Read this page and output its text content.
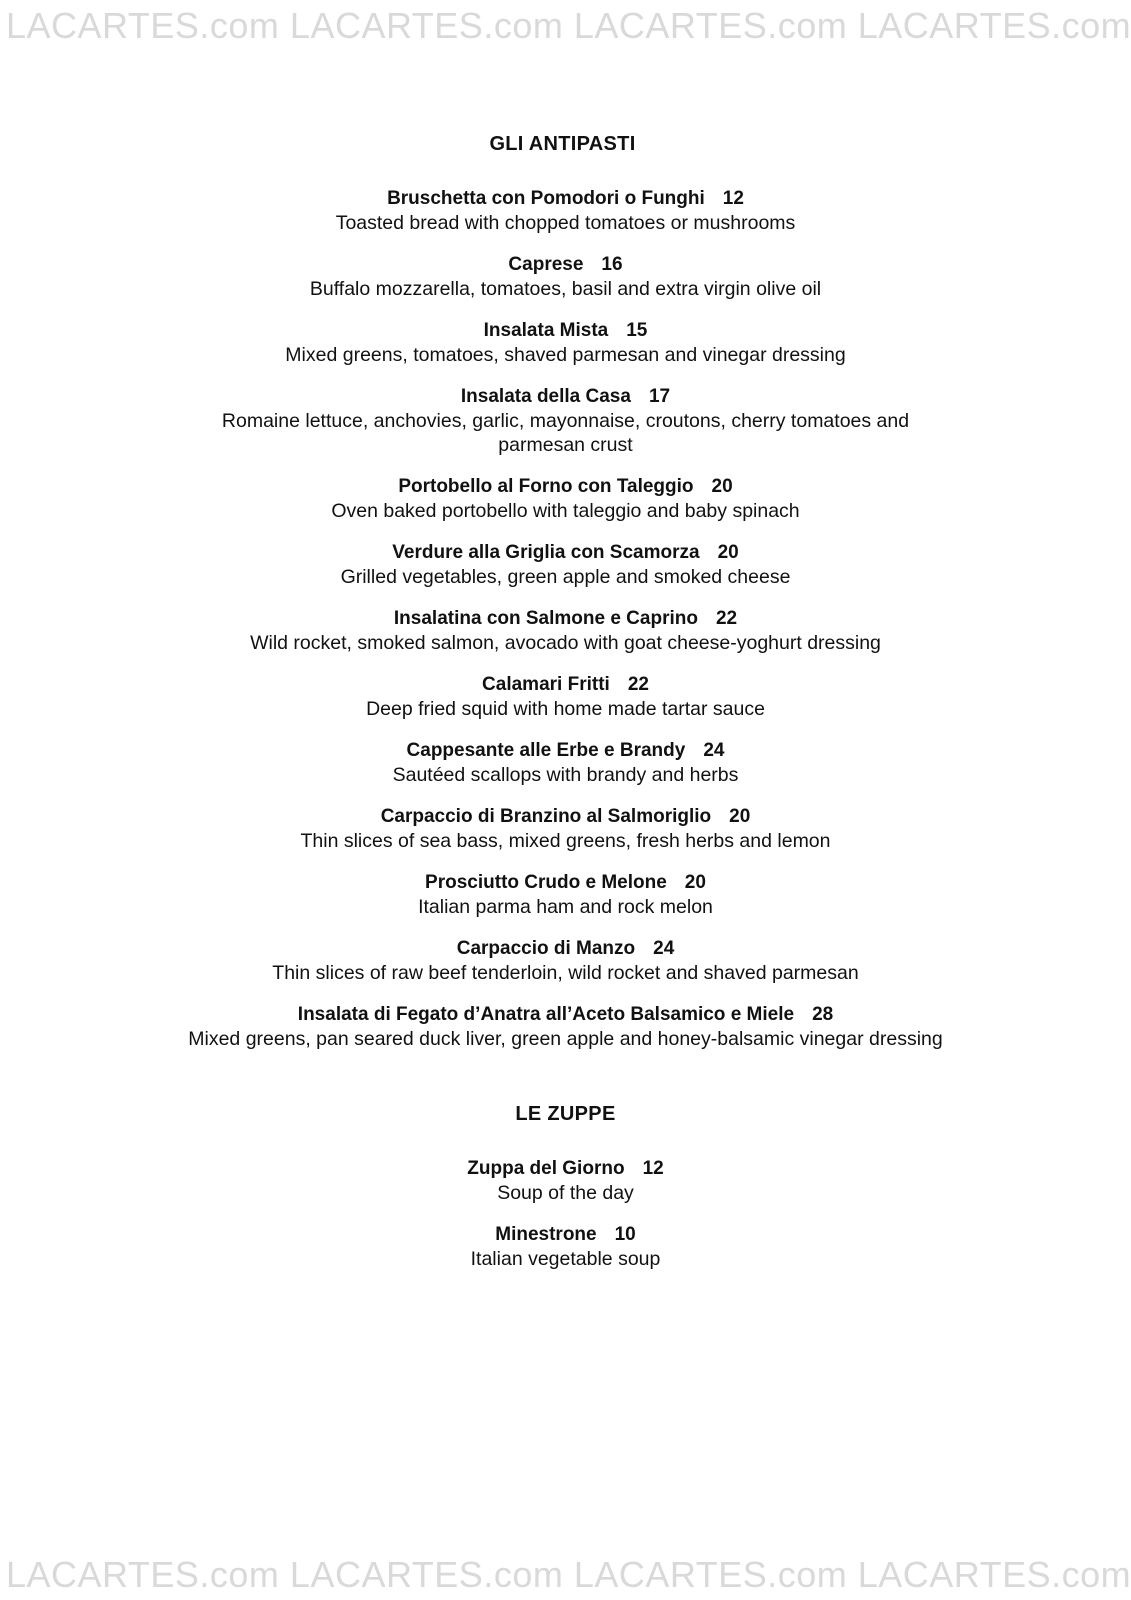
LACARTES.com LACARTES.com LACARTES.com LACARTES.com
GLI ANTIPASTI
Bruschetta con Pomodori o Funghi 12
Toasted bread with chopped tomatoes or mushrooms
Caprese 16
Buffalo mozzarella, tomatoes, basil and extra virgin olive oil
Insalata Mista 15
Mixed greens, tomatoes, shaved parmesan and vinegar dressing
Insalata della Casa 17
Romaine lettuce, anchovies, garlic, mayonnaise, croutons, cherry tomatoes and parmesan crust
Portobello al Forno con Taleggio 20
Oven baked portobello with taleggio and baby spinach
Verdure alla Griglia con Scamorza 20
Grilled vegetables, green apple and smoked cheese
Insalatina con Salmone e Caprino 22
Wild rocket, smoked salmon, avocado with goat cheese-yoghurt dressing
Calamari Fritti 22
Deep fried squid with home made tartar sauce
Cappesante alle Erbe e Brandy 24
Sautéed scallops with brandy and herbs
Carpaccio di Branzino al Salmoriglio 20
Thin slices of sea bass, mixed greens, fresh herbs and lemon
Prosciutto Crudo e Melone 20
Italian parma ham and rock melon
Carpaccio di Manzo 24
Thin slices of raw beef tenderloin, wild rocket and shaved parmesan
Insalata di Fegato d’Anatra all’Aceto Balsamico e Miele 28
Mixed greens, pan seared duck liver, green apple and honey-balsamic vinegar dressing
LE ZUPPE
Zuppa del Giorno 12
Soup of the day
Minestrone 10
Italian vegetable soup
LACARTES.com LACARTES.com LACARTES.com LACARTES.com
